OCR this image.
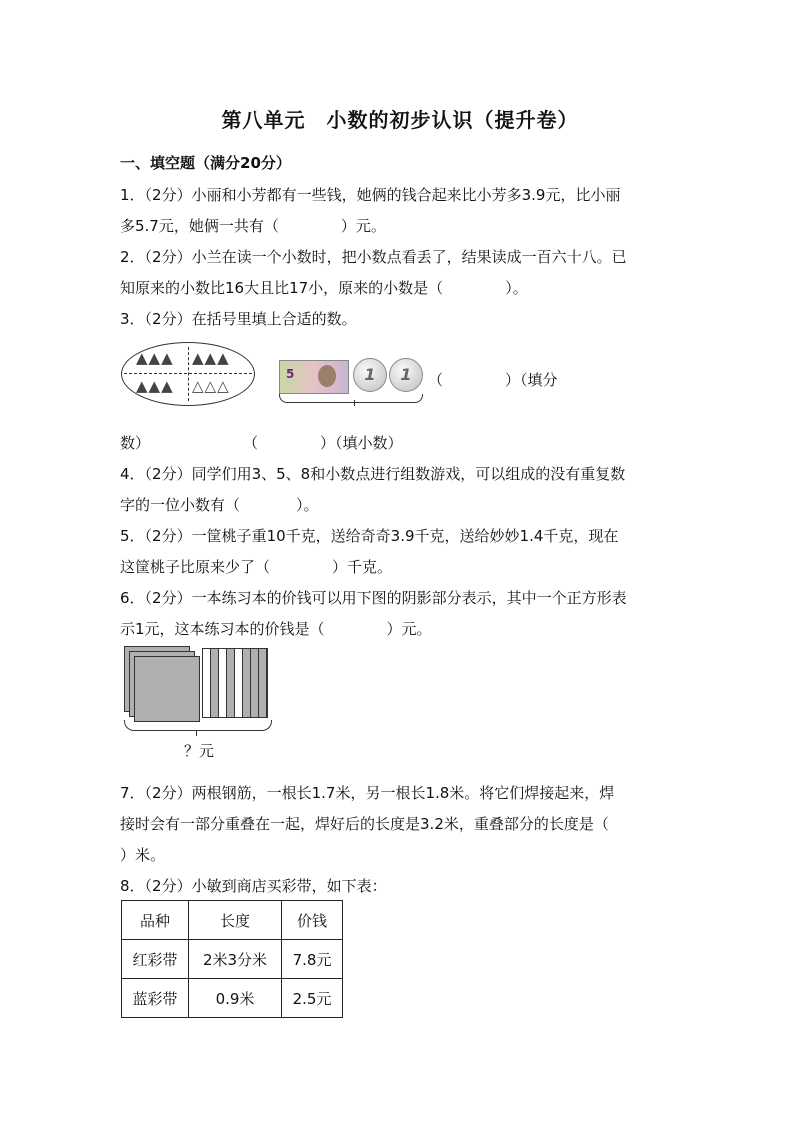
第八单元　小数的初步认识（提升卷）
一、填空题（满分20分）
1．（2分）小丽和小芳都有一些钱，她俩的钱合起来比小芳多3.9元，比小丽
多5.7元，她俩一共有（	）元。
2．（2分）小兰在读一个小数时，把小数点看丢了，结果读成一百六十八。已
知原来的小数比16大且比17小，原来的小数是（	）。
3．（2分）在括号里填上合适的数。
▲▲▲ ▲▲▲
▲▲▲ △△△
5	1	1	（	）（填分
数）	（	）（填小数）
4．（2分）同学们用3、5、8和小数点进行组数游戏，可以组成的没有重复数
字的一位小数有（	）。
5．（2分）一筐桃子重10千克，送给奇奇3.9千克，送给妙妙1.4千克，现在
这筐桃子比原来少了（	）千克。
6．（2分）一本练习本的价钱可以用下图的阴影部分表示，其中一个正方形表
示1元，这本练习本的价钱是（	）元。
？元
7．（2分）两根钢筋，一根长1.7米，另一根长1.8米。将它们焊接起来，焊
接时会有一部分重叠在一起，焊好后的长度是3.2米，重叠部分的长度是（
）米。
8．（2分）小敏到商店买彩带，如下表：
品种	长度	价钱
红彩带	2米3分米	7.8元
蓝彩带	0.9米	2.5元
